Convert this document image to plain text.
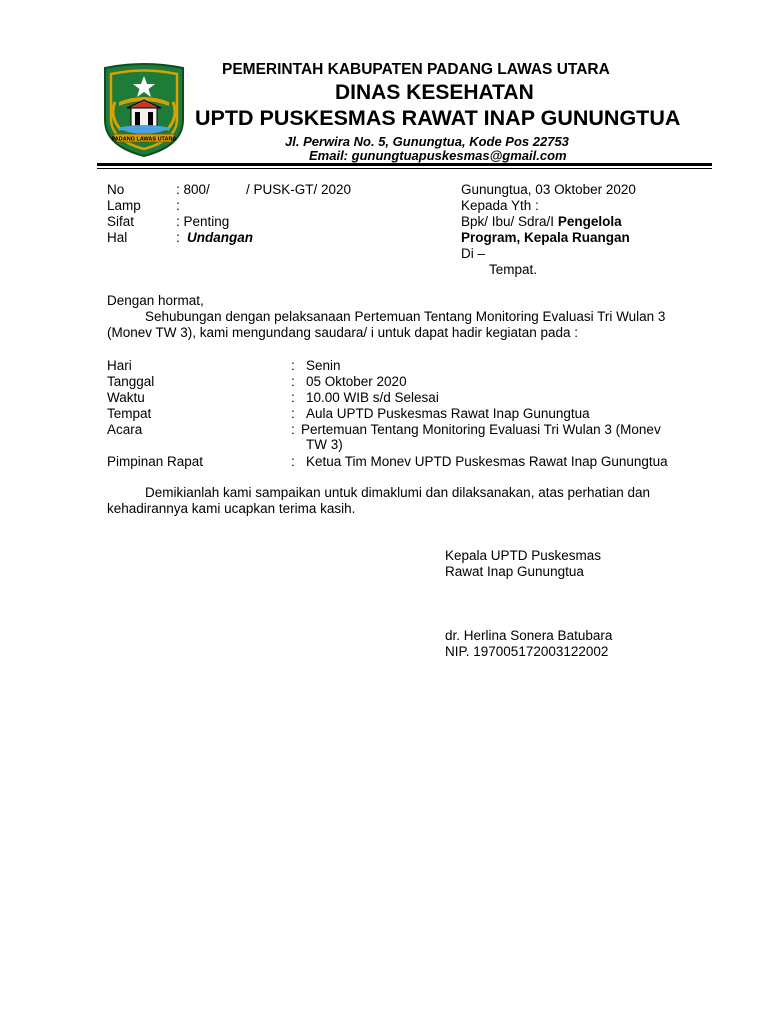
PADANG LAWAS UTARA
PEMERINTAH KABUPATEN PADANG LAWAS UTARA
DINAS KESEHATAN
UPTD PUSKESMAS RAWAT INAP GUNUNGTUA
Jl. Perwira No. 5, Gunungtua, Kode Pos 22753
Email: gunungtuapuskesmas@gmail.com
No	: 800/	/ PUSK-GT/ 2020
Lamp	:
Sifat	: Penting
Hal	: Undangan
Gunungtua, 03 Oktober 2020
Kepada Yth :
Bpk/ Ibu/ Sdra/I Pengelola
Program, Kepala Ruangan
Di –
Tempat.
Dengan hormat,
Sehubungan dengan pelaksanaan Pertemuan Tentang Monitoring Evaluasi Tri Wulan 3
(Monev TW 3), kami mengundang saudara/ i untuk dapat hadir kegiatan pada :
Hari	: Senin
Tanggal	: 05 Oktober 2020
Waktu	: 10.00 WIB s/d Selesai
Tempat	: Aula UPTD Puskesmas Rawat Inap Gunungtua
Acara	: Pertemuan Tentang Monitoring Evaluasi Tri Wulan 3 (Monev
TW 3)
Pimpinan Rapat	: Ketua Tim Monev UPTD Puskesmas Rawat Inap Gunungtua
Demikianlah kami sampaikan untuk dimaklumi dan dilaksanakan, atas perhatian dan
kehadirannya kami ucapkan terima kasih.
Kepala UPTD Puskesmas
Rawat Inap Gunungtua
dr. Herlina Sonera Batubara
NIP. 197005172003122002
